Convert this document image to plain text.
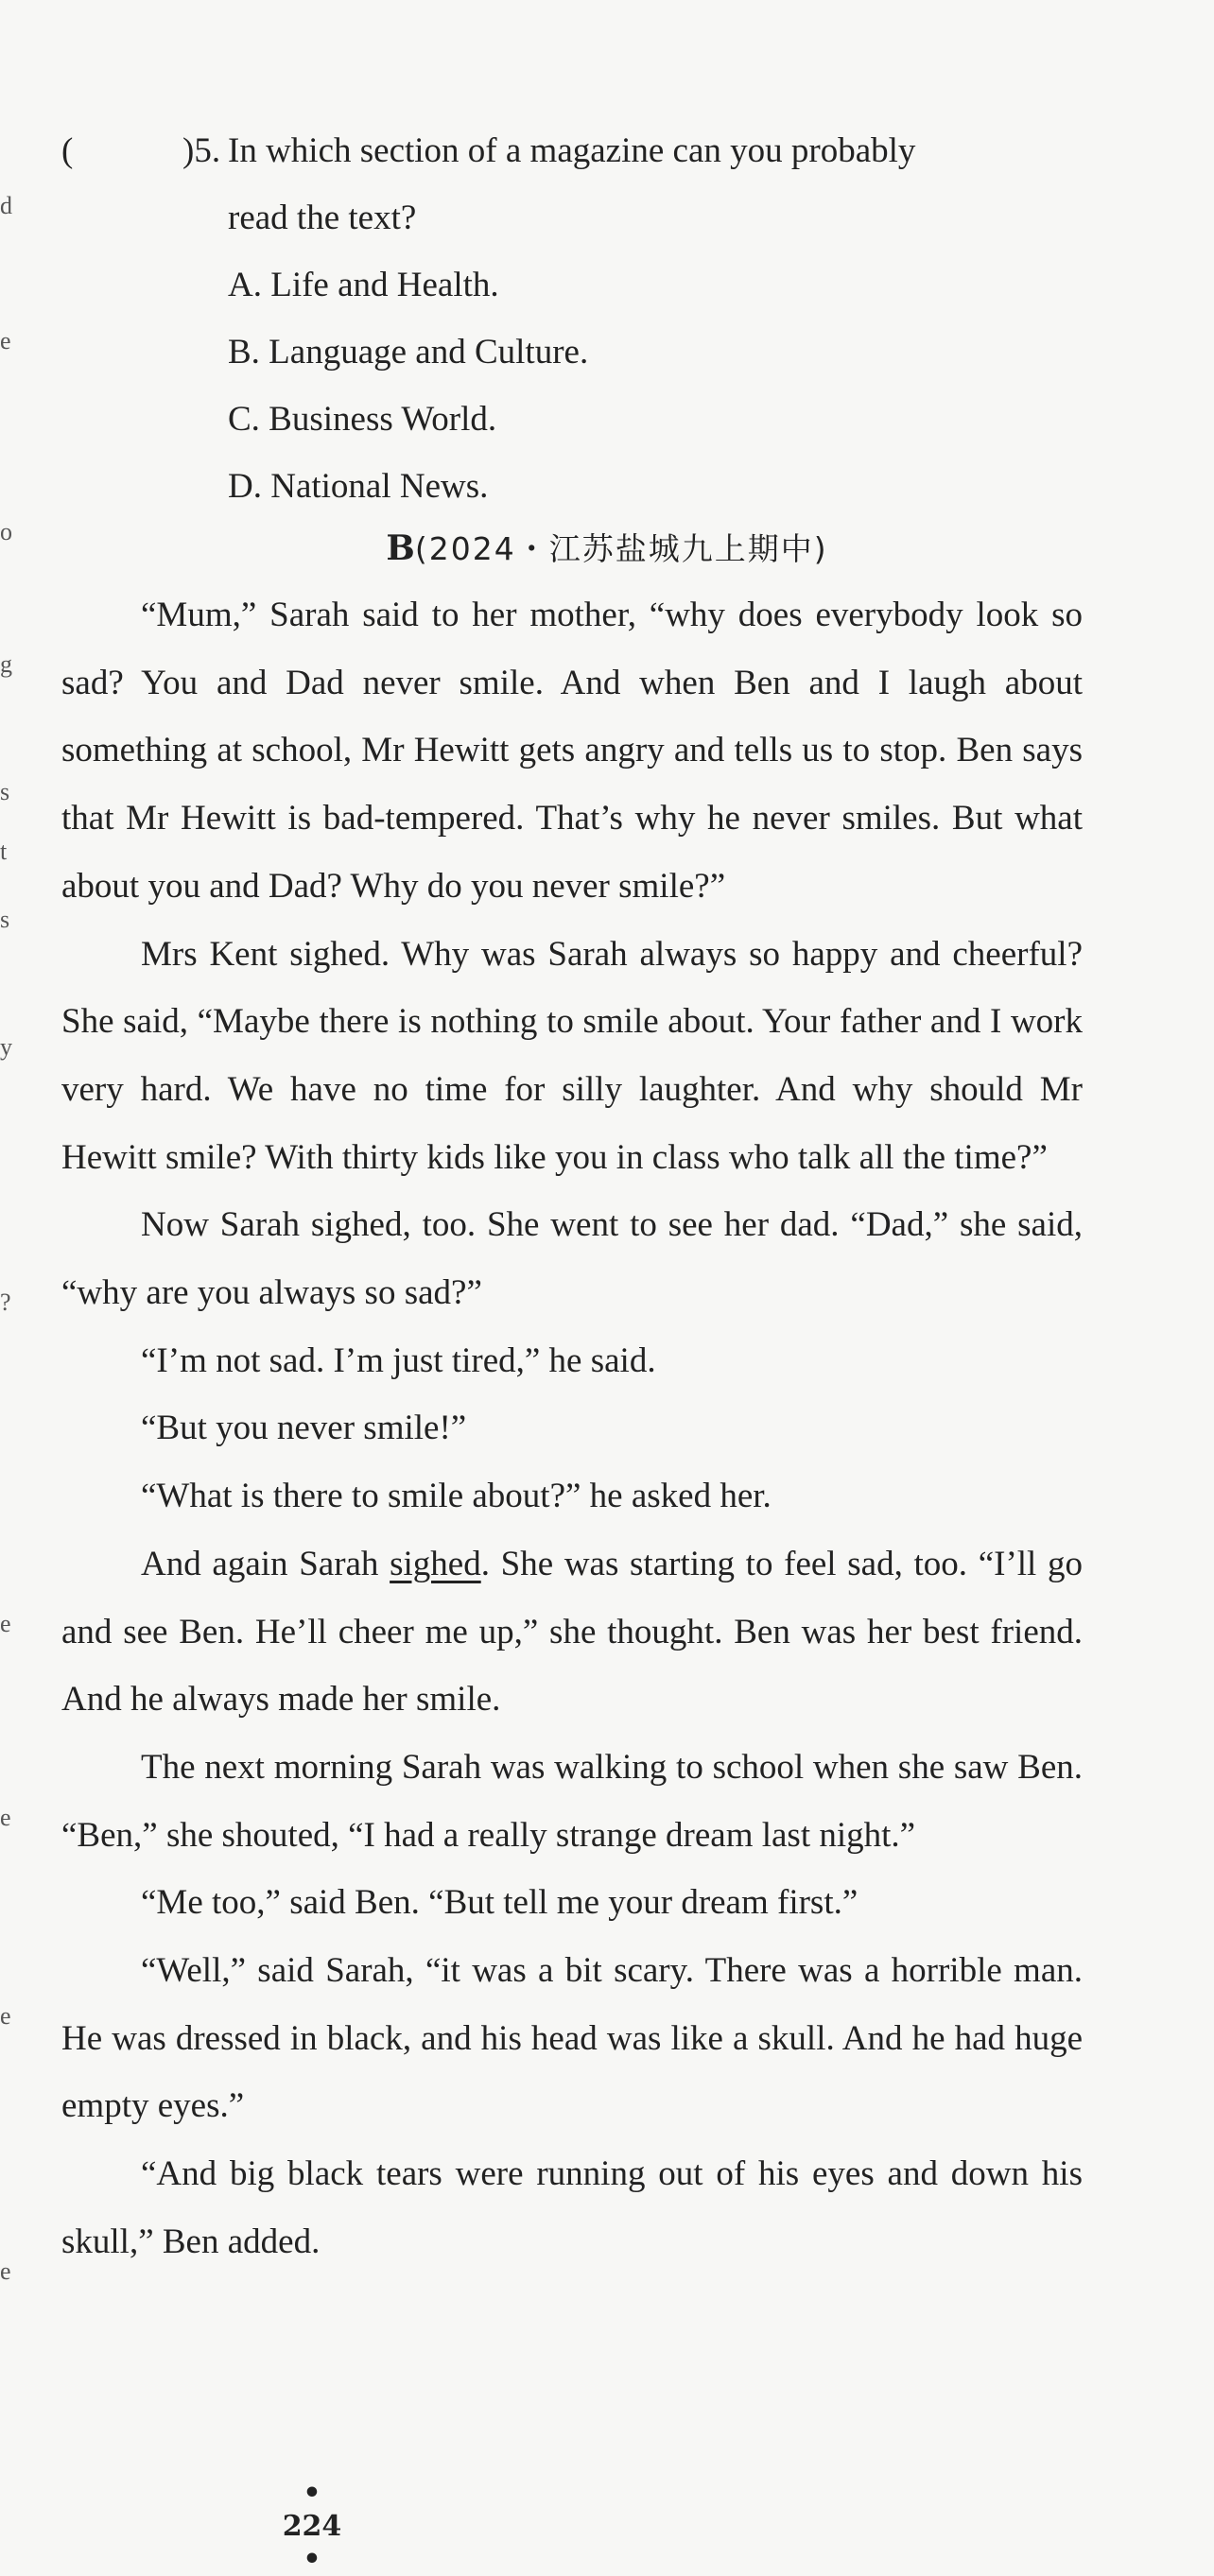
d
e
o
g
s
t
s
y
?
e
e
e
e
(	)5. In which section of a magazine can you probably
read the text?
A. Life and Health.
B. Language and Culture.
C. Business World.
D. National News.
B(2024・江苏盐城九上期中)

“Mum,” Sarah said to her mother, “why does everybody look so sad? You and Dad never smile. And when Ben and I laugh about something at school, Mr Hewitt gets angry and tells us to stop. Ben says that Mr Hewitt is bad-tempered. That’s why he never smiles. But what about you and Dad? Why do you never smile?”

Mrs Kent sighed. Why was Sarah always so happy and cheerful? She said, “Maybe there is nothing to smile about. Your father and I work very hard. We have no time for silly laughter. And why should Mr Hewitt smile? With thirty kids like you in class who talk all the time?”

Now Sarah sighed, too. She went to see her dad. “Dad,” she said, “why are you always so sad?”

“I’m not sad. I’m just tired,” he said.

“But you never smile!”

“What is there to smile about?” he asked her.

And again Sarah sighed. She was starting to feel sad, too. “I’ll go and see Ben. He’ll cheer me up,” she thought. Ben was her best friend. And he always made her smile.

The next morning Sarah was walking to school when she saw Ben. “Ben,” she shouted, “I had a really strange dream last night.”

“Me too,” said Ben. “But tell me your dream first.”

“Well,” said Sarah, “it was a bit scary. There was a horrible man. He was dressed in black, and his head was like a skull. And he had huge empty eyes.”

“And big black tears were running out of his eyes and down his skull,” Ben added.

• 224 •
